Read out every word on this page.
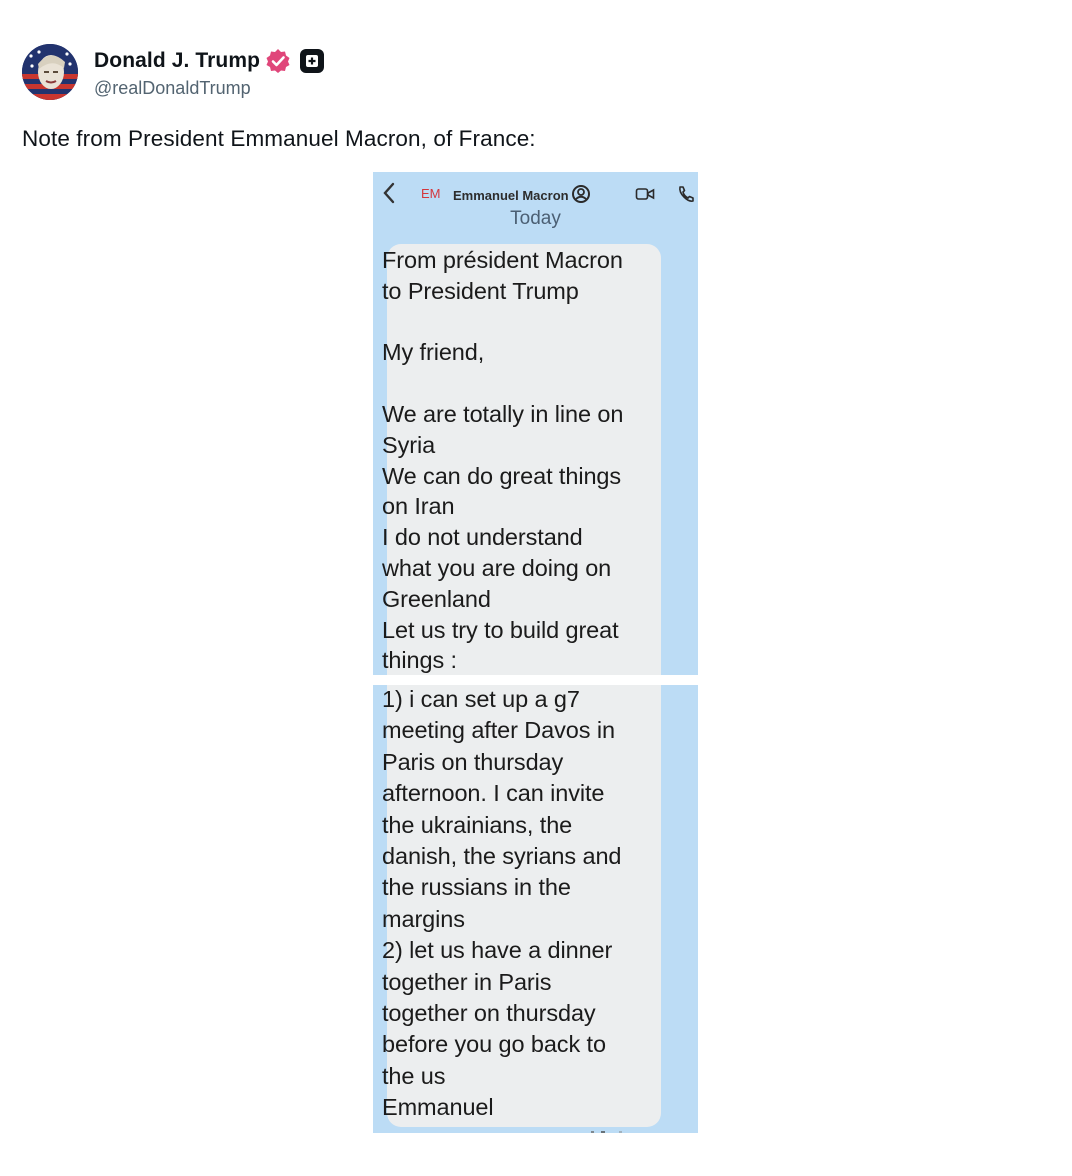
Donald J. Trump
@realDonaldTrump
Note from President Emmanuel Macron, of France:
EM Emmanuel Macron
Today
From président Macron
to President Trump

My friend,

We are totally in line on
Syria
We can do great things
on Iran
I do not understand
what you are doing on
Greenland
Let us try to build great
things :
1) i can set up a g7
meeting after Davos in
Paris on thursday
afternoon. I can invite
the ukrainians, the
danish, the syrians and
the russians in the
margins
2) let us have a dinner
together in Paris
together on thursday
before you go back to
the us
Emmanuel
